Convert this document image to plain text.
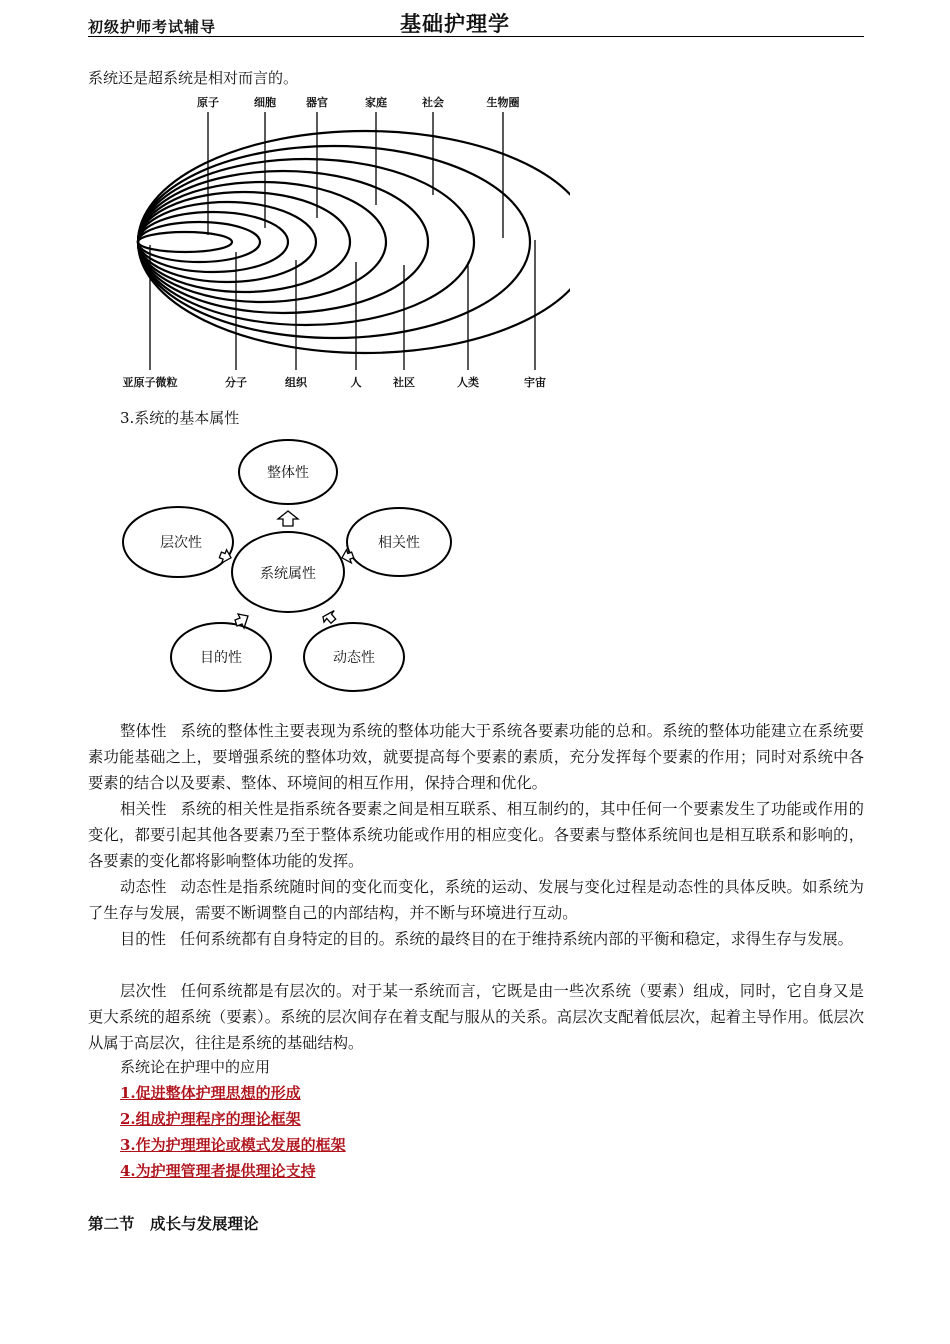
初级护师考试辅导	基础护理学
系统还是超系统是相对而言的。
原子	细胞	器官	家庭	社会	生物圈
亚原子微粒	分子	组织	人	社区	人类	宇宙
3.系统的基本属性
整体性
相关性
动态性
目的性
层次性
系统属性
整体性 系统的整体性主要表现为系统的整体功能大于系统各要素功能的总和。系统的整体功能建立在系统要素功能基础之上，要增强系统的整体功效，就要提高每个要素的素质，充分发挥每个要素的作用；同时对系统中各要素的结合以及要素、整体、环境间的相互作用，保持合理和优化。
相关性 系统的相关性是指系统各要素之间是相互联系、相互制约的，其中任何一个要素发生了功能或作用的变化，都要引起其他各要素乃至于整体系统功能或作用的相应变化。各要素与整体系统间也是相互联系和影响的，各要素的变化都将影响整体功能的发挥。
动态性 动态性是指系统随时间的变化而变化，系统的运动、发展与变化过程是动态性的具体反映。如系统为了生存与发展，需要不断调整自己的内部结构，并不断与环境进行互动。
目的性 任何系统都有自身特定的目的。系统的最终目的在于维持系统内部的平衡和稳定，求得生存与发展。
层次性 任何系统都是有层次的。对于某一系统而言，它既是由一些次系统（要素）组成，同时，它自身又是更大系统的超系统（要素）。系统的层次间存在着支配与服从的关系。高层次支配着低层次，起着主导作用。低层次从属于高层次，往往是系统的基础结构。
系统论在护理中的应用
1.促进整体护理思想的形成
2.组成护理程序的理论框架
3.作为护理理论或模式发展的框架
4.为护理管理者提供理论支持
第二节　成长与发展理论
